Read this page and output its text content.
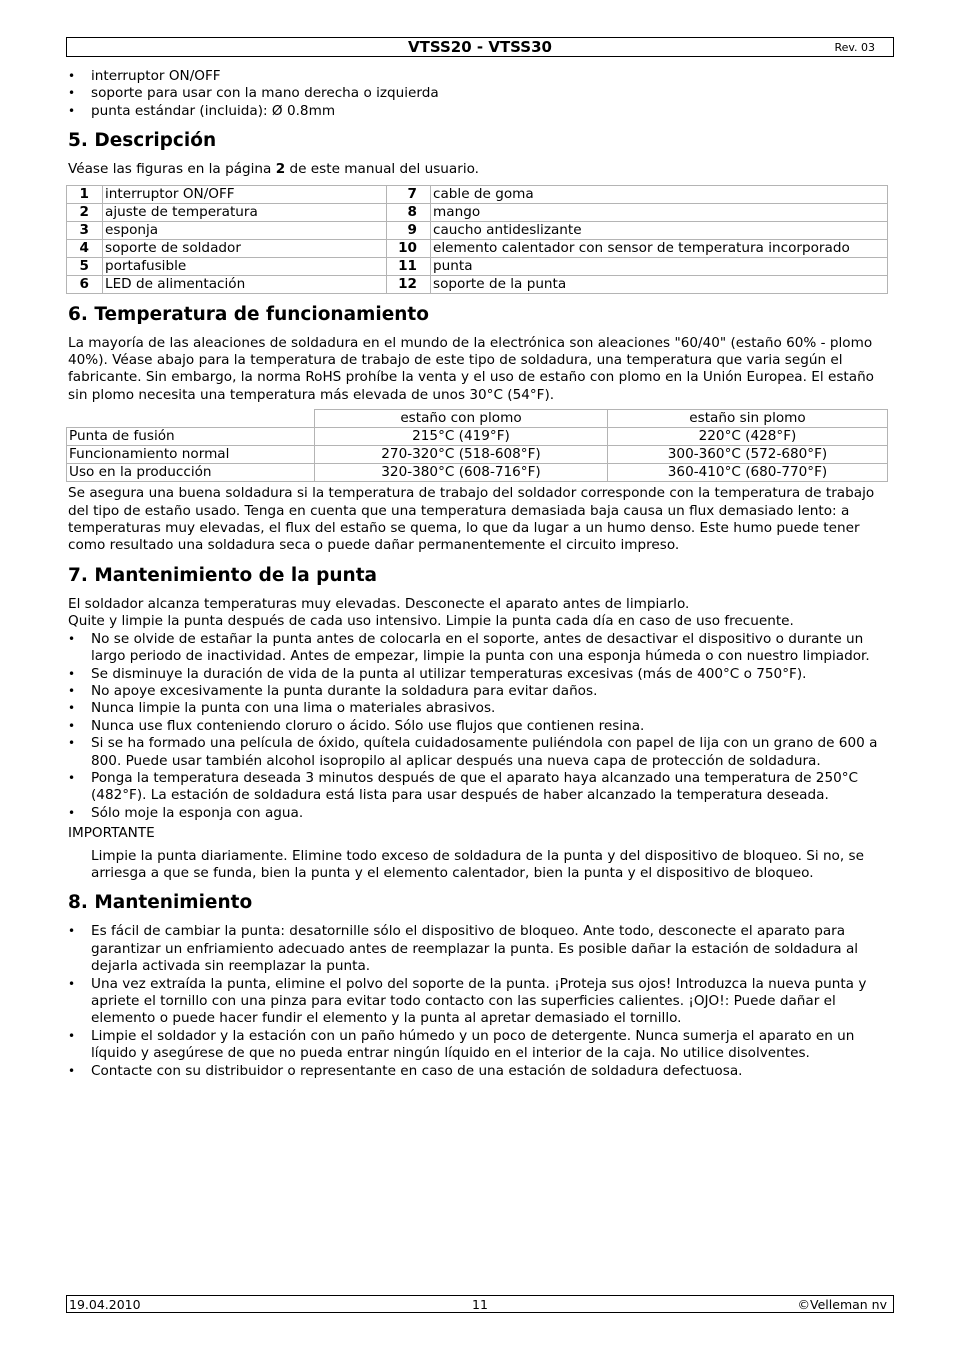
VTSS20 - VTSS30	Rev. 03
• interruptor ON/OFF
• soporte para usar con la mano derecha o izquierda
• punta estándar (incluida): Ø 0.8mm
5. Descripción

Véase las figuras en la página 2 de este manual del usuario.

1	interruptor ON/OFF	7	cable de goma
2	ajuste de temperatura	8	mango
3	esponja	9	caucho antideslizante
4	soporte de soldador	10	elemento calentador con sensor de temperatura incorporado
5	portafusible	11	punta
6	LED de alimentación	12	soporte de la punta
6. Temperatura de funcionamiento

La mayoría de las aleaciones de soldadura en el mundo de la electrónica son aleaciones "60/40" (estaño 60% - plomo 40%). Véase abajo para la temperatura de trabajo de este tipo de soldadura, una temperatura que varia según el fabricante. Sin embargo, la norma RoHS prohíbe la venta y el uso de estaño con plomo en la Unión Europea. El estaño sin plomo necesita una temperatura más elevada de unos 30°C (54°F).

	estaño con plomo	estaño sin plomo
Punta de fusión	215°C (419°F)	220°C (428°F)
Funcionamiento normal	270-320°C (518-608°F)	300-360°C (572-680°F)
Uso en la producción	320-380°C (608-716°F)	360-410°C (680-770°F)

Se asegura una buena soldadura si la temperatura de trabajo del soldador corresponde con la temperatura de trabajo del tipo de estaño usado. Tenga en cuenta que una temperatura demasiada baja causa un flux demasiado lento: a temperaturas muy elevadas, el flux del estaño se quema, lo que da lugar a un humo denso. Este humo puede tener como resultado una soldadura seca o puede dañar permanentemente el circuito impreso.

7. Mantenimiento de la punta

El soldador alcanza temperaturas muy elevadas. Desconecte el aparato antes de limpiarlo.

Quite y limpie la punta después de cada uso intensivo. Limpie la punta cada día en caso de uso frecuente.

• No se olvide de estañar la punta antes de colocarla en el soporte, antes de desactivar el dispositivo o durante un largo periodo de inactividad. Antes de empezar, limpie la punta con una esponja húmeda o con nuestro limpiador.
• Se disminuye la duración de vida de la punta al utilizar temperaturas excesivas (más de 400°C o 750°F).
• No apoye excesivamente la punta durante la soldadura para evitar daños.
• Nunca limpie la punta con una lima o materiales abrasivos.
• Nunca use flux conteniendo cloruro o ácido. Sólo use flujos que contienen resina.
• Si se ha formado una película de óxido, quítela cuidadosamente puliéndola con papel de lija con un grano de 600 a 800. Puede usar también alcohol isopropilo al aplicar después una nueva capa de protección de soldadura.
• Ponga la temperatura deseada 3 minutos después de que el aparato haya alcanzado una temperatura de 250°C (482°F). La estación de soldadura está lista para usar después de haber alcanzado la temperatura deseada.
• Sólo moje la esponja con agua.

IMPORTANTE

Limpie la punta diariamente. Elimine todo exceso de soldadura de la punta y del dispositivo de bloqueo. Si no, se arriesga a que se funda, bien la punta y el elemento calentador, bien la punta y el dispositivo de bloqueo.

8. Mantenimiento
• Es fácil de cambiar la punta: desatornille sólo el dispositivo de bloqueo. Ante todo, desconecte el aparato para garantizar un enfriamiento adecuado antes de reemplazar la punta. Es posible dañar la estación de soldadura al dejarla activada sin reemplazar la punta.
• Una vez extraída la punta, elimine el polvo del soporte de la punta. ¡Proteja sus ojos! Introduzca la nueva punta y apriete el tornillo con una pinza para evitar todo contacto con las superficies calientes. ¡OJO!: Puede dañar el elemento o puede hacer fundir el elemento y la punta al apretar demasiado el tornillo.
• Limpie el soldador y la estación con un paño húmedo y un poco de detergente. Nunca sumerja el aparato en un líquido y asegúrese de que no pueda entrar ningún líquido en el interior de la caja. No utilice disolventes.
• Contacte con su distribuidor o representante en caso de una estación de soldadura defectuosa.
19.04.2010	11	©Velleman nv
